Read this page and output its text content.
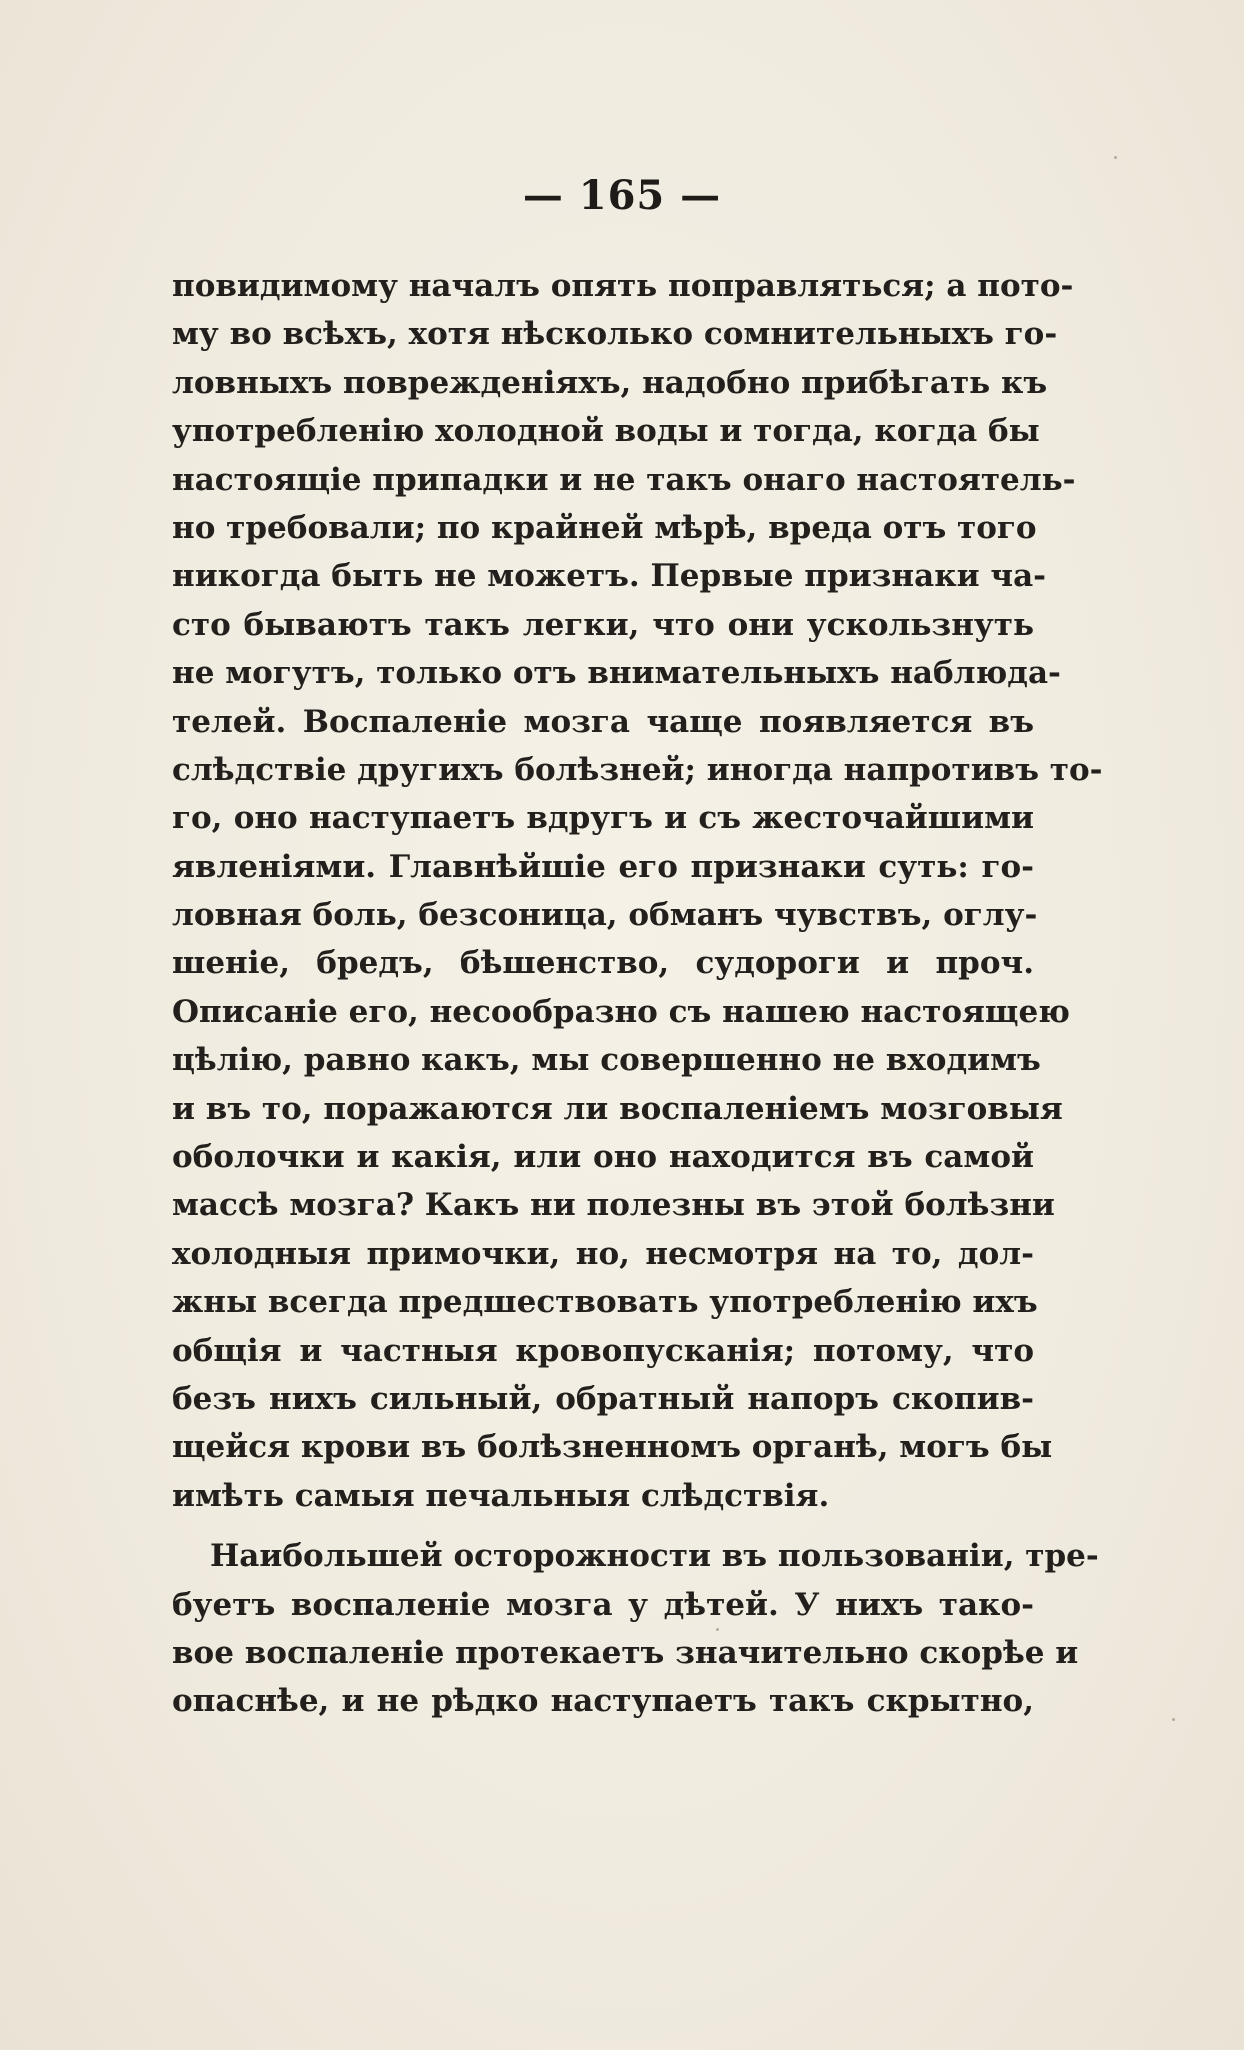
— 165 —
повидимому началъ опять поправляться; а пото-
му во всѣхъ, хотя нѣсколько сомнительныхъ го-
ловныхъ поврежденіяхъ, надобно прибѣгать къ
употребленію холодной воды и тогда, когда бы
настоящіе припадки и не такъ онаго настоятель-
но требовали; по крайней мѣрѣ, вреда отъ того
никогда быть не можетъ. Первые признаки ча-
сто бываютъ такъ легки, что они ускользнуть
не могутъ, только отъ внимательныхъ наблюда-
телей. Воспаленіе мозга чаще появляется въ
слѣдствіе другихъ болѣзней; иногда напротивъ то-
го, оно наступаетъ вдругъ и съ жесточайшими
явленіями. Главнѣйшіе его признаки суть: го-
ловная боль, безсоница, обманъ чувствъ, оглу-
шеніе, бредъ, бѣшенство, судороги и проч.
Описаніе его, несообразно съ нашею настоящею
цѣлію, равно какъ, мы совершенно не входимъ
и въ то, поражаются ли воспаленіемъ мозговыя
оболочки и какія, или оно находится въ самой
массѣ мозга? Какъ ни полезны въ этой болѣзни
холодныя примочки, но, несмотря на то, дол-
жны всегда предшествовать употребленію ихъ
общія и частныя кровопусканія; потому, что
безъ нихъ сильный, обратный напоръ скопив-
щейся крови въ болѣзненномъ органѣ, могъ бы
имѣть самыя печальныя слѣдствія.
Наибольшей осторожности въ пользованіи, тре-
буетъ воспаленіе мозга у дѣтей. У нихъ тако-
вое воспаленіе протекаетъ значительно скорѣе и
опаснѣе, и не рѣдко наступаетъ такъ скрытно,
